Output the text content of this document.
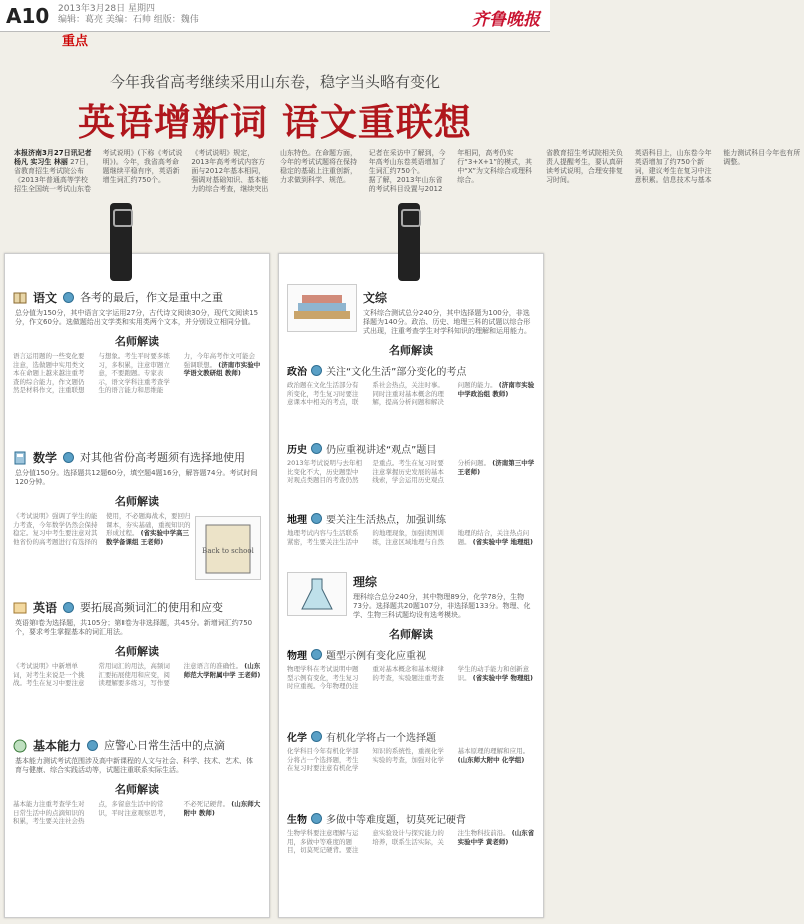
A10 2013年3月28日 星期四
编辑：葛亮 美编：石帅 组版：魏伟	齐鲁晚报
重点
今年我省高考继续采用山东卷，稳字当头略有变化
英语增新词 语文重联想

本报济南3月27日讯记者 杨凡 实习生 林丽 27日，省教育招生考试院公布《2013年普通高等学校招生全国统一考试山东卷考试说明》(下称《考试说明》)。今年，我省高考命题继续平稳有序，英语新增生词汇约750个。

《考试说明》规定，2013年高考考试内容方面与2012年基本相同，强调对基础知识、基本能力的综合考查，继续突出山东特色。在命题方面，今年的考试试题将在保持稳定的基础上注重创新，力求做到科学、规范。

记者在采访中了解到，今年高考山东卷英语增加了生词汇约750个。

据了解，2013年山东省的考试科目设置与2012年相同，高考仍实行“3+X+1”的模式，其中“X”为文科综合或理科综合。

省教育招生考试院相关负责人提醒考生，要认真研读考试说明，合理安排复习时间。

英语科目上，山东卷今年英语增加了约750个新词，建议考生在复习中注意积累。信息技术与基本能力测试科目今年也有所调整。

语文 各考的最后，作文是重中之重
总分值为150分，其中语言文字运用27分，古代诗文阅读30分，现代文阅读15分，作文60分。选做题给出文学类和实用类两个文本，并分别设立相同分值。
名师解读
语言运用题的一些变化要注意，选做题中实用类文本在命题上越来越注重考查的综合能力，作文题仍然是材料作文，注重联想与想象。考生平时要多练习，多积累，注意审题立意，不要跑题。专家表示，语文学科注重考查学生的语言能力和思维能力，今年高考作文可能会强调联想。 (济南市实验中学语文教研组 教师)
数学 对其他省份高考题须有选择地使用
总分值150分。选择题共12题60分，填空题4题16分，解答题74分。考试时间120分钟。
名师解读
《考试说明》强调了学生的能力考查，今年数学仍然会保持稳定。复习中考生要注意对其他省份的高考题进行有选择的使用，不必题海战术，要回归课本，夯实基础，重视知识的形成过程。 (省实验中学高三数学备课组 王老师)
Back to school
英语 要拓展高频词汇的使用和应变
英语第Ⅰ卷为选择题，共105分；第Ⅱ卷为非选择题，共45分。新增词汇约750个，要求考生掌握基本的词汇用法。
名师解读
《考试说明》中新增单词，对考生来说是一个挑战。考生在复习中要注意常用词汇的用法，高频词汇要拓展使用和应变，阅读理解要多练习，写作要注意语言的准确性。 (山东师范大学附属中学 王老师)
基本能力 应警心日常生活中的点滴
基本能力测试考试范围涉及高中新课程的人文与社会、科学、技术、艺术、体育与健康、综合实践活动等，试题注重联系实际生活。
名师解读
基本能力注重考查学生对日常生活中的点滴知识的积累，考生要关注社会热点，多留意生活中的常识，平时注意观察思考，不必死记硬背。 (山东师大附中 教师)
文综
文科综合测试总分240分，其中选择题为100分，非选择题为140分。政治、历史、地理三科的试题以综合形式出现，注重考查学生对学科知识的理解和运用能力。
名师解读
政治 关注“文化生活”部分变化的考点
政治题在文化生活部分有所变化，考生复习时要注意课本中相关的考点，联系社会热点，关注时事。同时注重对基本概念的理解，提高分析问题和解决问题的能力。 (济南市实验中学政治组 教师)
历史 仍应重视讲述“观点”题目
2013年考试说明与去年相比变化不大，历史题型中对观点类题目的考查仍然是重点。考生在复习时要注意掌握历史发展的基本线索，学会运用历史观点分析问题。 (济南第三中学 王老师)
地理 要关注生活热点，加强训练
地理考试内容与生活联系紧密，考生要关注生活中的地理现象，加强读图训练，注意区域地理与自然地理的结合，关注热点问题。 (省实验中学 地理组)
理综
理科综合总分240分，其中物理89分，化学78分，生物73分。选择题共20题107分，非选择题133分。物理、化学、生物三科试题均设有选考模块。
名师解读
物理 题型示例有变化应重视
物理学科在考试说明中题型示例有变化，考生复习时应重视。今年物理仍注重对基本概念和基本规律的考查，实验题注重考查学生的动手能力和创新意识。 (省实验中学 物理组)
化学 有机化学将占一个选择题
化学科目今年有机化学部分将占一个选择题，考生在复习时要注意有机化学知识的系统性，重视化学实验的考查，加强对化学基本原理的理解和应用。 (山东师大附中 化学组)
生物 多做中等难度题，切莫死记硬背
生物学科要注意理解与运用，多做中等难度的题目，切莫死记硬背。要注意实验设计与探究能力的培养，联系生活实际，关注生物科技前沿。 (山东省实验中学 黄老师)
